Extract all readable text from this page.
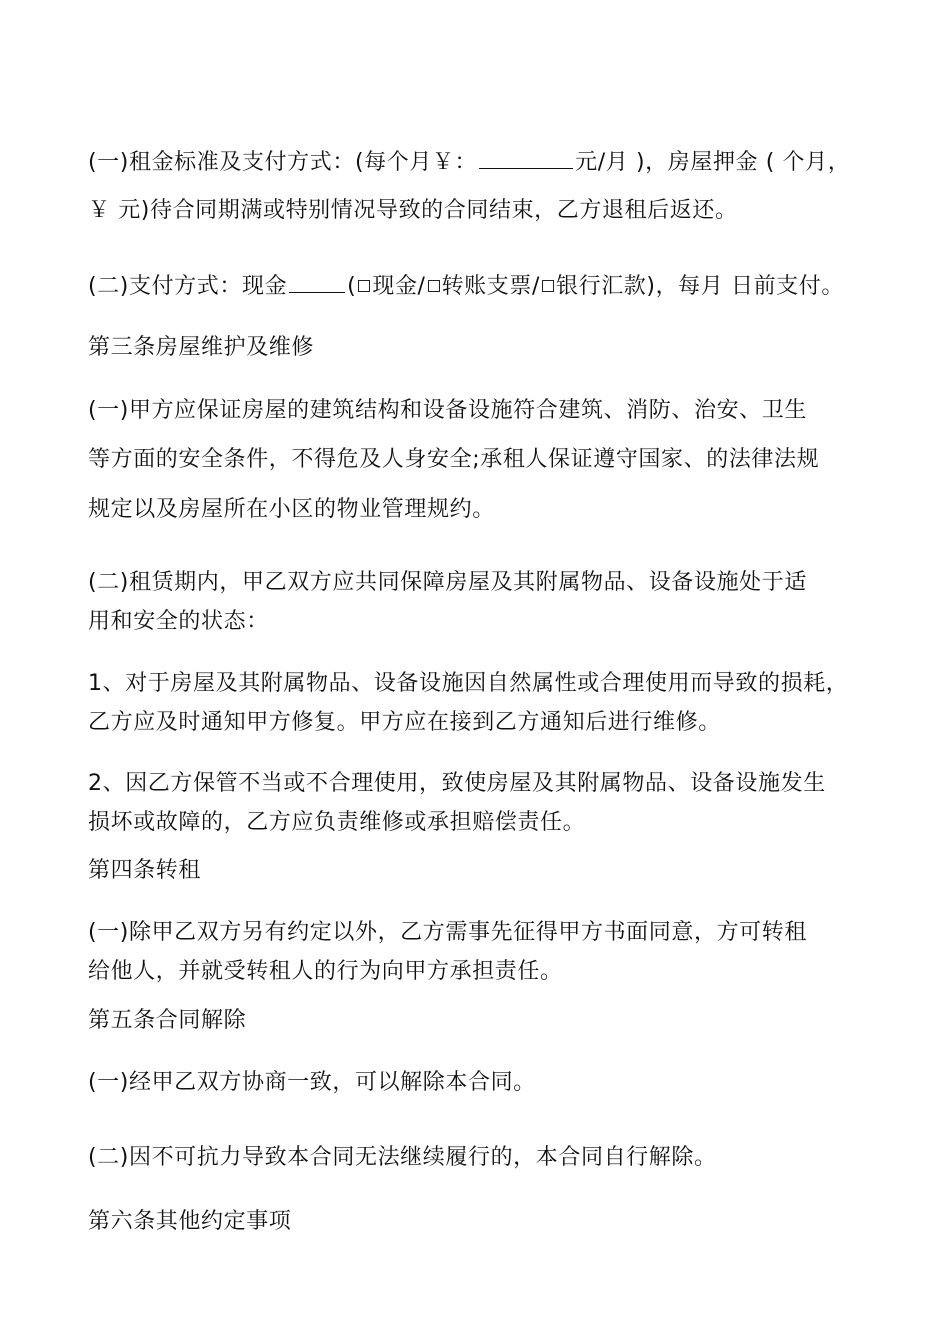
(一)租金标准及支付方式：(每个月￥：	元/月 )，房屋押金 ( 个月，
￥ 元)待合同期满或特别情况导致的合同结束，乙方退租后返还。
(二)支付方式：现金	( 现金/ 转账支票/ 银行汇款)，每月 日前支付。
第三条房屋维护及维修
(一)甲方应保证房屋的建筑结构和设备设施符合建筑、消防、治安、卫生
等方面的安全条件，不得危及人身安全;承租人保证遵守国家、的法律法规
规定以及房屋所在小区的物业管理规约。
(二)租赁期内，甲乙双方应共同保障房屋及其附属物品、设备设施处于适
用和安全的状态：
1、对于房屋及其附属物品、设备设施因自然属性或合理使用而导致的损耗，
乙方应及时通知甲方修复。甲方应在接到乙方通知后进行维修。
2、因乙方保管不当或不合理使用，致使房屋及其附属物品、设备设施发生
损坏或故障的，乙方应负责维修或承担赔偿责任。
第四条转租
(一)除甲乙双方另有约定以外，乙方需事先征得甲方书面同意，方可转租
给他人，并就受转租人的行为向甲方承担责任。
第五条合同解除
(一)经甲乙双方协商一致，可以解除本合同。
(二)因不可抗力导致本合同无法继续履行的，本合同自行解除。
第六条其他约定事项
